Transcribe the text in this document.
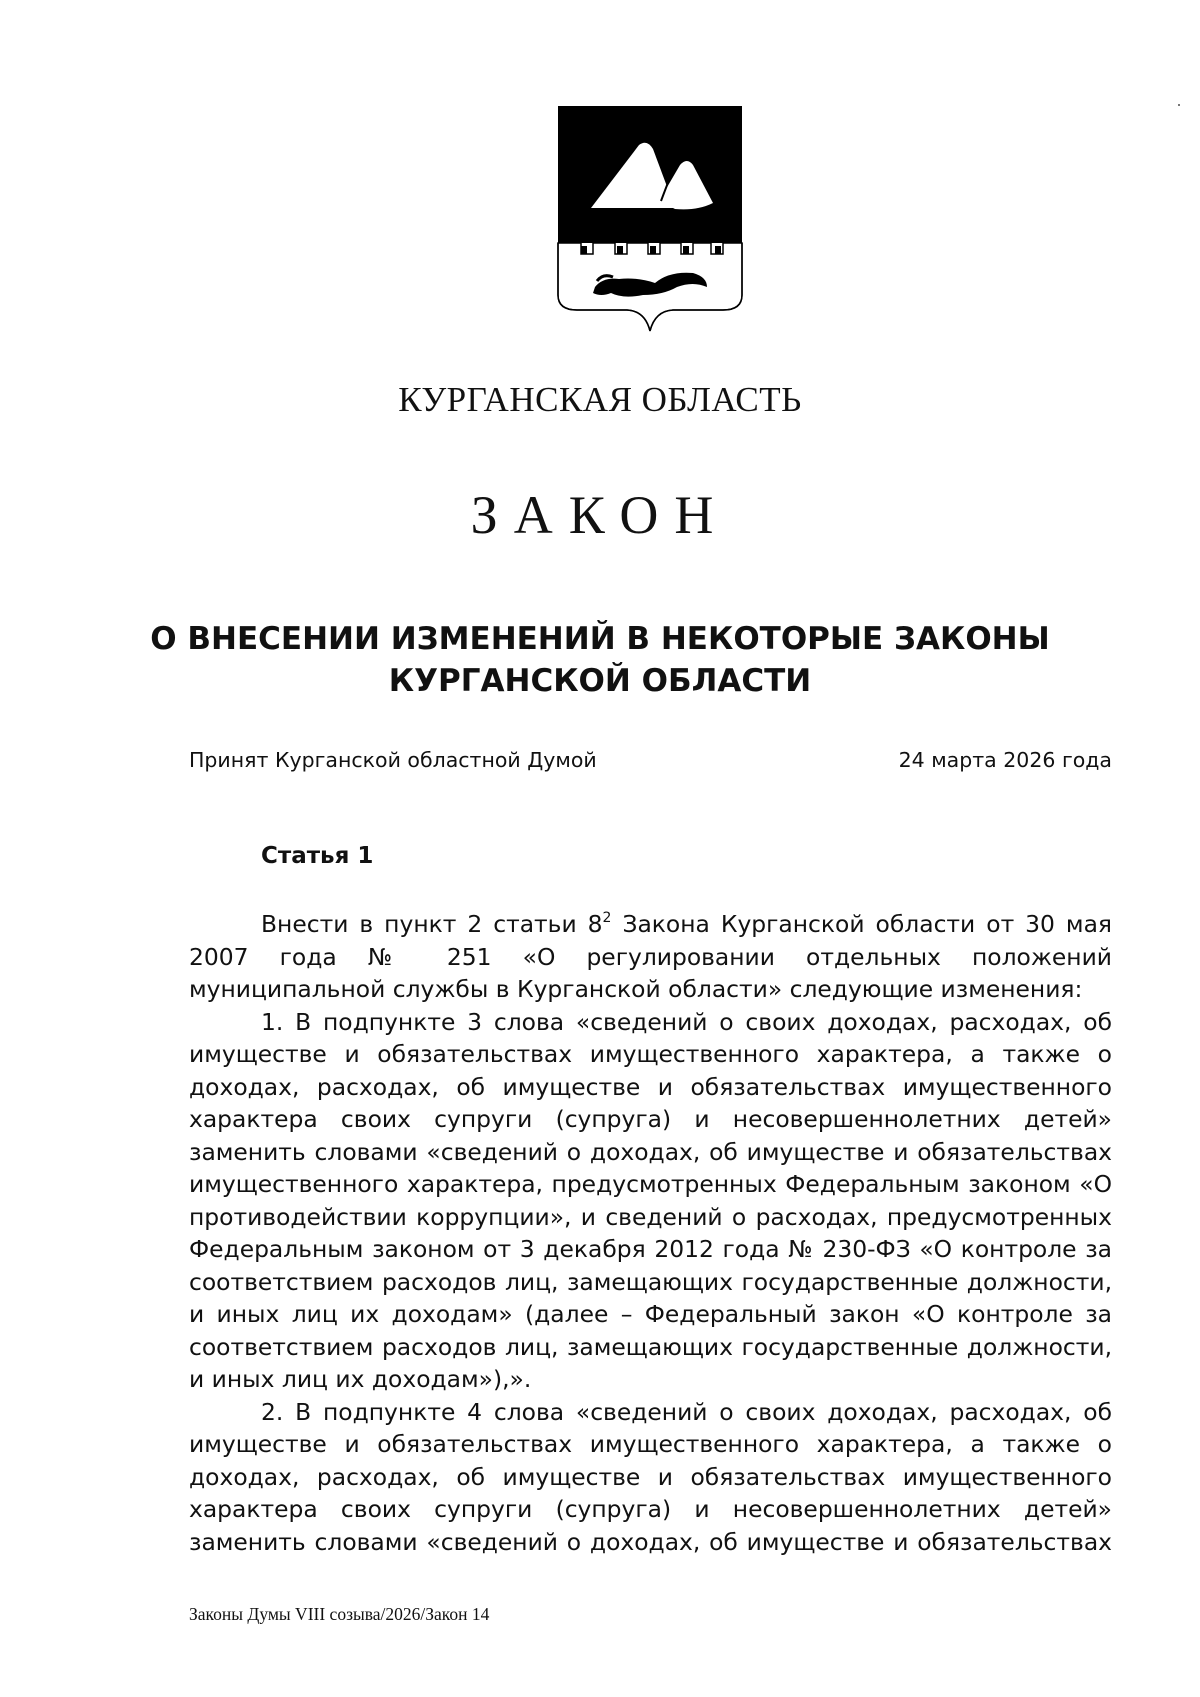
КУРГАНСКАЯ ОБЛАСТЬ
ЗАКОН
О ВНЕСЕНИИ ИЗМЕНЕНИЙ В НЕКОТОРЫЕ ЗАКОНЫ
КУРГАНСКОЙ ОБЛАСТИ
Принят Курганской областной Думой	24 марта 2026 года
Статья 1

Внести в пункт 2 статьи $8^2$ Закона Курганской области от 30 мая 2007 года № 251 «О регулировании отдельных положений муниципальной службы в Курганской области» следующие изменения:

1. В подпункте 3 слова «сведений о своих доходах, расходах, об имуществе и обязательствах имущественного характера, а также о доходах, расходах, об имуществе и обязательствах имущественного характера своих супруги (супруга) и несовершеннолетних детей» заменить словами «сведений о доходах, об имуществе и обязательствах имущественного характера, предусмотренных Федеральным законом «О противодействии коррупции», и сведений о расходах, предусмотренных Федеральным законом от 3 декабря 2012 года № 230-ФЗ «О контроле за соответствием расходов лиц, замещающих государственные должности, и иных лиц их доходам» (далее – Федеральный закон «О контроле за соответствием расходов лиц, замещающих государственные должности, и иных лиц их доходам»),».

2. В подпункте 4 слова «сведений о своих доходах, расходах, об имуществе и обязательствах имущественного характера, а также о доходах, расходах, об имуществе и обязательствах имущественного характера своих супруги (супруга) и несовершеннолетних детей» заменить словами «сведений о доходах, об имуществе и обязательствах

Законы Думы VIII созыва/2026/Закон 14
